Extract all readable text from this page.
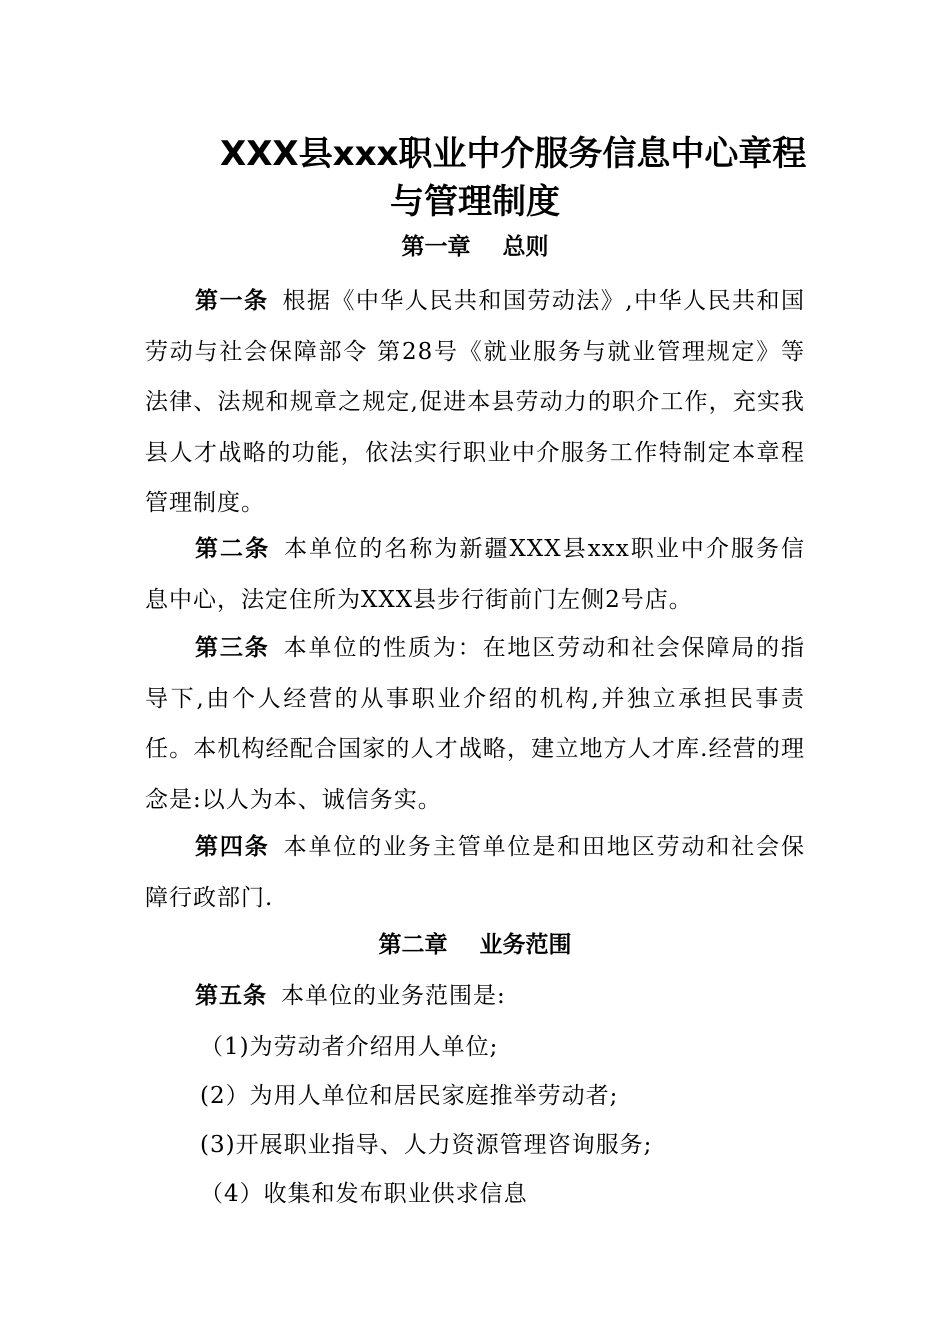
XXX县xxx职业中介服务信息中心章程
与管理制度
第一章    总则

第一条 根据《中华人民共和国劳动法》,中华人民共和国劳动与社会保障部令 第28号《就业服务与就业管理规定》等法律、法规和规章之规定,促进本县劳动力的职介工作，充实我县人才战略的功能，依法实行职业中介服务工作特制定本章程管理制度。

第二条 本单位的名称为新疆XXX县xxx职业中介服务信息中心，法定住所为XXX县步行街前门左侧2号店。

第三条 本单位的性质为：在地区劳动和社会保障局的指导下,由个人经营的从事职业介绍的机构,并独立承担民事责任。本机构经配合国家的人才战略，建立地方人才库.经营的理念是:以人为本、诚信务实。

第四条 本单位的业务主管单位是和田地区劳动和社会保障行政部门.

第二章    业务范围

第五条 本单位的业务范围是:

（1)为劳动者介绍用人单位;

(2）为用人单位和居民家庭推举劳动者;

(3)开展职业指导、人力资源管理咨询服务;

（4）收集和发布职业供求信息
